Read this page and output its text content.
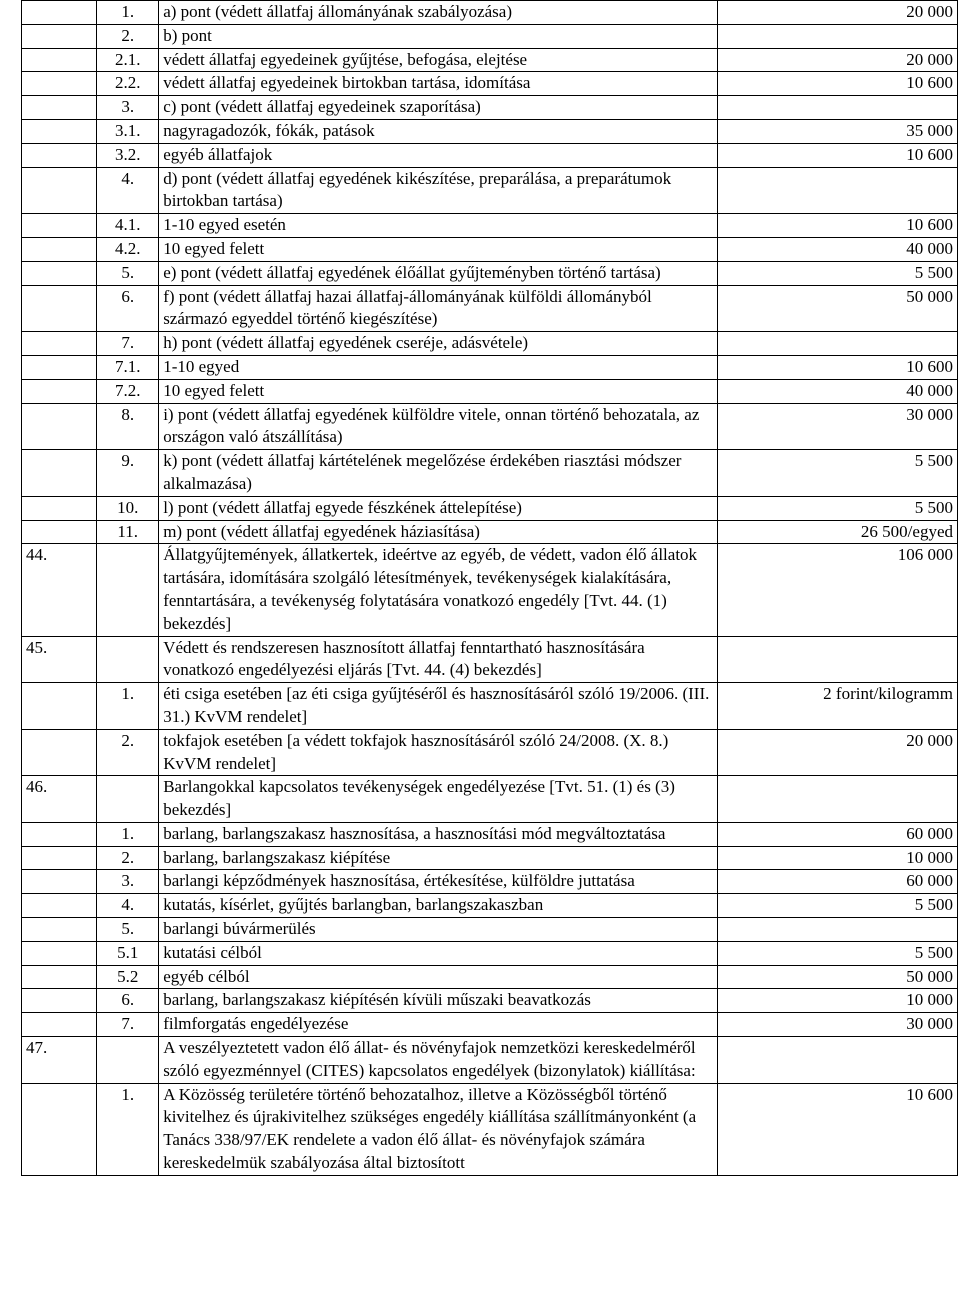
	1.	a) pont (védett állatfaj állományának szabályozása)	20 000
	2.	b) pont	
	2.1.	védett állatfaj egyedeinek gyűjtése, befogása, elejtése	20 000
	2.2.	védett állatfaj egyedeinek birtokban tartása, idomítása	10 600
	3.	c) pont (védett állatfaj egyedeinek szaporítása)	
	3.1.	nagyragadozók, fókák, patások	35 000
	3.2.	egyéb állatfajok	10 600
	4.	d) pont (védett állatfaj egyedének kikészítése, preparálása, a preparátumok birtokban tartása)	
	4.1.	1-10 egyed esetén	10 600
	4.2.	10 egyed felett	40 000
	5.	e) pont (védett állatfaj egyedének élőállat gyűjteményben történő tartása)	5 500
	6.	f) pont (védett állatfaj hazai állatfaj-állományának külföldi állományból származó egyeddel történő kiegészítése)	50 000
	7.	h) pont (védett állatfaj egyedének cseréje, adásvétele)	
	7.1.	1-10 egyed	10 600
	7.2.	10 egyed felett	40 000
	8.	i) pont (védett állatfaj egyedének külföldre vitele, onnan történő behozatala, az országon való átszállítása)	30 000
	9.	k) pont (védett állatfaj kártételének megelőzése érdekében riasztási módszer alkalmazása)	5 500
	10.	l) pont (védett állatfaj egyede fészkének áttelepítése)	5 500
	11.	m) pont (védett állatfaj egyedének háziasítása)	26 500/egyed
44.		Állatgyűjtemények, állatkertek, ideértve az egyéb, de védett, vadon élő állatok tartására, idomítására szolgáló létesítmények, tevékenységek kialakítására, fenntartására, a tevékenység folytatására vonatkozó engedély [Tvt. 44. (1) bekezdés]	106 000
45.		Védett és rendszeresen hasznosított állatfaj fenntartható hasznosítására vonatkozó engedélyezési eljárás [Tvt. 44. (4) bekezdés]	
	1.	éti csiga esetében [az éti csiga gyűjtéséről és hasznosításáról szóló 19/2006. (III. 31.) KvVM rendelet]	2 forint/kilogramm
	2.	tokfajok esetében [a védett tokfajok hasznosításáról szóló 24/2008. (X. 8.) KvVM rendelet]	20 000
46.		Barlangokkal kapcsolatos tevékenységek engedélyezése [Tvt. 51. (1) és (3) bekezdés]	
	1.	barlang, barlangszakasz hasznosítása, a hasznosítási mód megváltoztatása	60 000
	2.	barlang, barlangszakasz kiépítése	10 000
	3.	barlangi képződmények hasznosítása, értékesítése, külföldre juttatása	60 000
	4.	kutatás, kísérlet, gyűjtés barlangban, barlangszakaszban	5 500
	5.	barlangi búvármerülés	
	5.1	kutatási célból	5 500
	5.2	egyéb célból	50 000
	6.	barlang, barlangszakasz kiépítésén kívüli műszaki beavatkozás	10 000
	7.	filmforgatás engedélyezése	30 000
47.		A veszélyeztetett vadon élő állat- és növényfajok nemzetközi kereskedelméről szóló egyezménnyel (CITES) kapcsolatos engedélyek (bizonylatok) kiállítása:	
	1.	A Közösség területére történő behozatalhoz, illetve a Közösségből történő kivitelhez és újrakivitelhez szükséges engedély kiállítása szállítmányonként (a Tanács 338/97/EK rendelete a vadon élő állat- és növényfajok számára kereskedelmük szabályozása által biztosított	10 600
